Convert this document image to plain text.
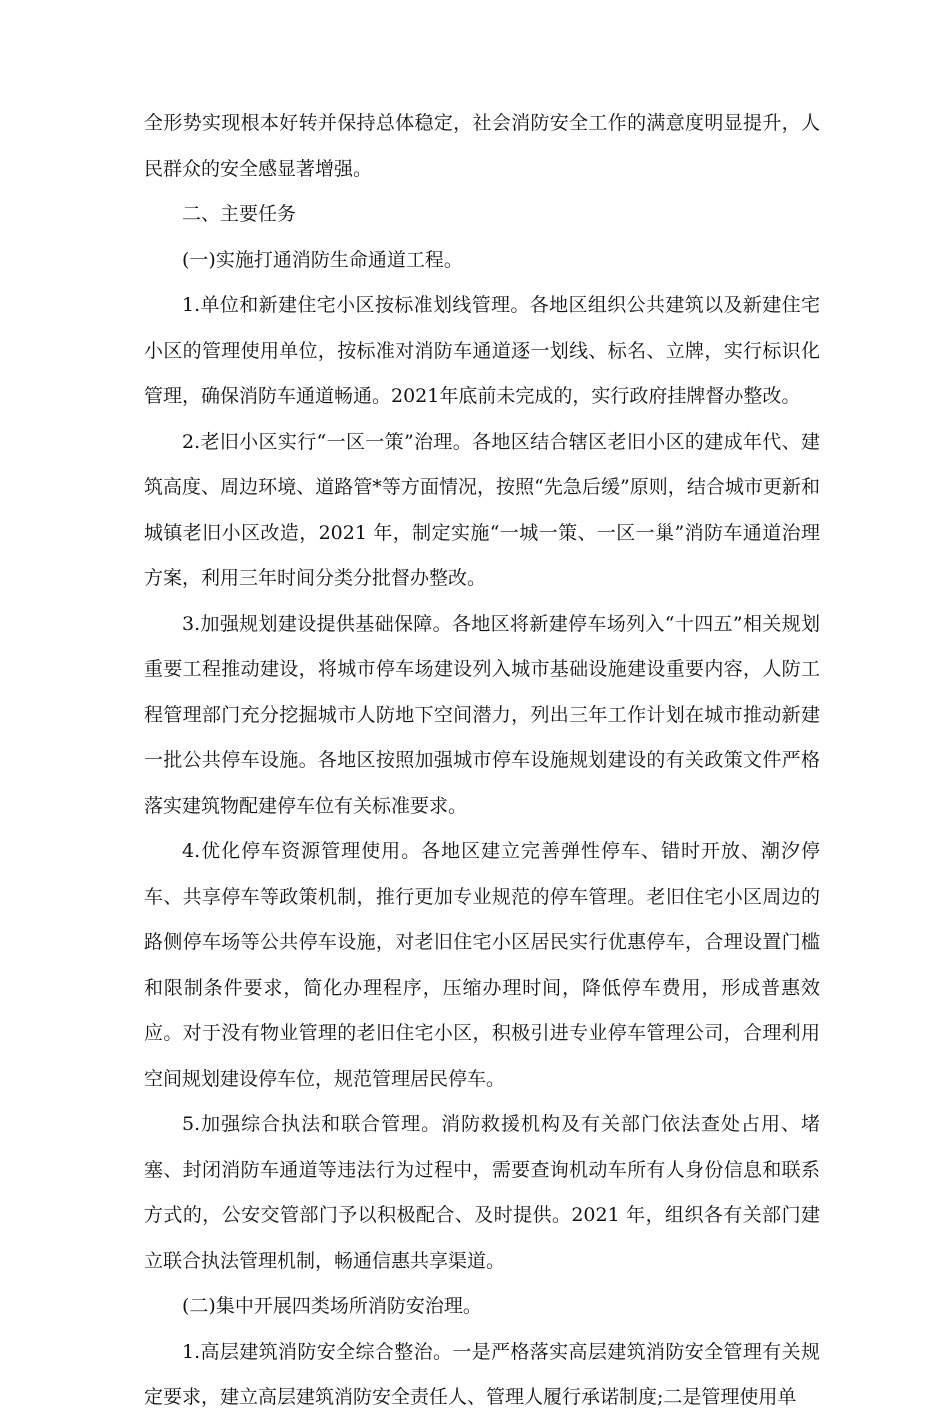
全形势实现根本好转并保持总体稳定，社会消防安全工作的满意度明显提升，人民群众的安全感显著增强。

二、主要任务

(一)实施打通消防生命通道工程。

1.单位和新建住宅小区按标准划线管理。各地区组织公共建筑以及新建住宅小区的管理使用单位，按标准对消防车通道逐一划线、标名、立牌，实行标识化管理，确保消防车通道畅通。2021年底前未完成的，实行政府挂牌督办整改。

2.老旧小区实行“一区一策”治理。各地区结合辖区老旧小区的建成年代、建筑高度、周边环境、道路管*等方面情况，按照“先急后缓”原则，结合城市更新和城镇老旧小区改造，2021 年，制定实施“一城一策、一区一巢”消防车通道治理方案，利用三年时间分类分批督办整改。

3.加强规划建设提供基础保障。各地区将新建停车场列入“十四五”相关规划重要工程推动建设，将城市停车场建设列入城市基础设施建设重要内容，人防工程管理部门充分挖掘城市人防地下空间潜力，列出三年工作计划在城市推动新建一批公共停车设施。各地区按照加强城市停车设施规划建设的有关政策文件严格落实建筑物配建停车位有关标准要求。

4.优化停车资源管理使用。各地区建立完善弹性停车、错时开放、潮汐停车、共享停车等政策机制，推行更加专业规范的停车管理。老旧住宅小区周边的路侧停车场等公共停车设施，对老旧住宅小区居民实行优惠停车，合理设置门槛和限制条件要求，简化办理程序，压缩办理时间，降低停车费用，形成普惠效应。对于没有物业管理的老旧住宅小区，积极引进专业停车管理公司，合理利用空间规划建设停车位，规范管理居民停车。

5.加强综合执法和联合管理。消防救援机构及有关部门依法查处占用、堵塞、封闭消防车通道等违法行为过程中，需要查询机动车所有人身份信息和联系方式的，公安交管部门予以积极配合、及时提供。2021 年，组织各有关部门建立联合执法管理机制，畅通信惠共享渠道。

(二)集中开展四类场所消防安治理。

1.高层建筑消防安全综合整治。一是严格落实高层建筑消防安全管理有关规定要求，建立高层建筑消防安全责任人、管理人履行承诺制度;二是管理使用单
